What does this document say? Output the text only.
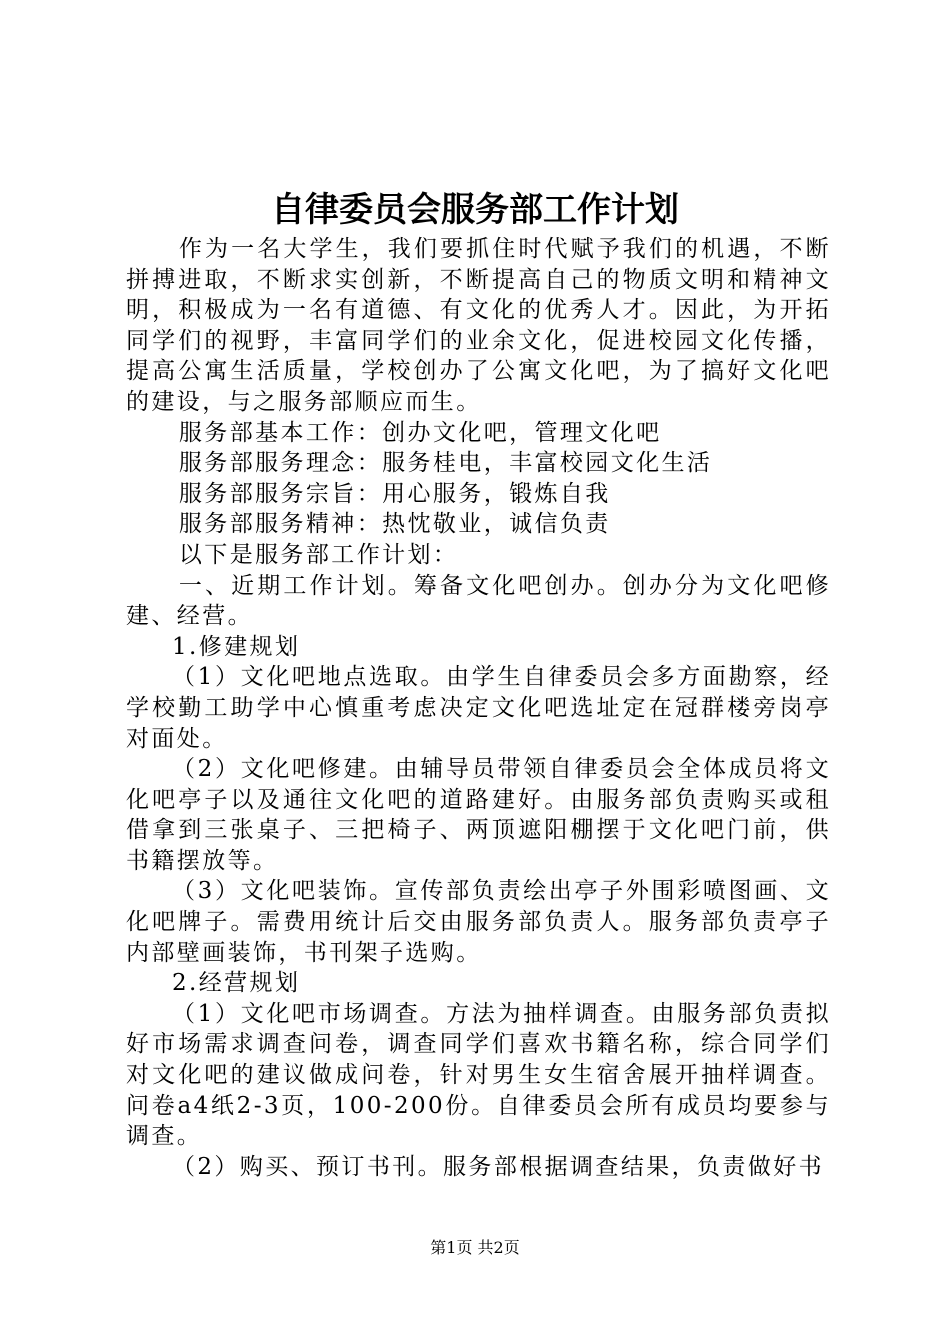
自律委员会服务部工作计划

作为一名大学生，我们要抓住时代赋予我们的机遇，不断拼搏进取，不断求实创新，不断提高自己的物质文明和精神文明，积极成为一名有道德、有文化的优秀人才。因此，为开拓同学们的视野，丰富同学们的业余文化，促进校园文化传播，提高公寓生活质量，学校创办了公寓文化吧，为了搞好文化吧的建设，与之服务部顺应而生。

服务部基本工作：创办文化吧，管理文化吧

服务部服务理念：服务桂电，丰富校园文化生活

服务部服务宗旨：用心服务，锻炼自我

服务部服务精神：热忱敬业，诚信负责

以下是服务部工作计划：

一、近期工作计划。筹备文化吧创办。创办分为文化吧修建、经营。

1.修建规划

（1）文化吧地点选取。由学生自律委员会多方面勘察，经学校勤工助学中心慎重考虑决定文化吧选址定在冠群楼旁岗亭对面处。

（2）文化吧修建。由辅导员带领自律委员会全体成员将文化吧亭子以及通往文化吧的道路建好。由服务部负责购买或租借拿到三张桌子、三把椅子、两顶遮阳棚摆于文化吧门前，供书籍摆放等。

（3）文化吧装饰。宣传部负责绘出亭子外围彩喷图画、文化吧牌子。需费用统计后交由服务部负责人。服务部负责亭子内部壁画装饰，书刊架子选购。

2.经营规划

（1）文化吧市场调查。方法为抽样调查。由服务部负责拟好市场需求调查问卷，调查同学们喜欢书籍名称，综合同学们对文化吧的建议做成问卷，针对男生女生宿舍展开抽样调查。问卷a4纸2-3页，100-200份。自律委员会所有成员均要参与调查。

（2）购买、预订书刊。服务部根据调查结果，负责做好书

第1页 共2页
